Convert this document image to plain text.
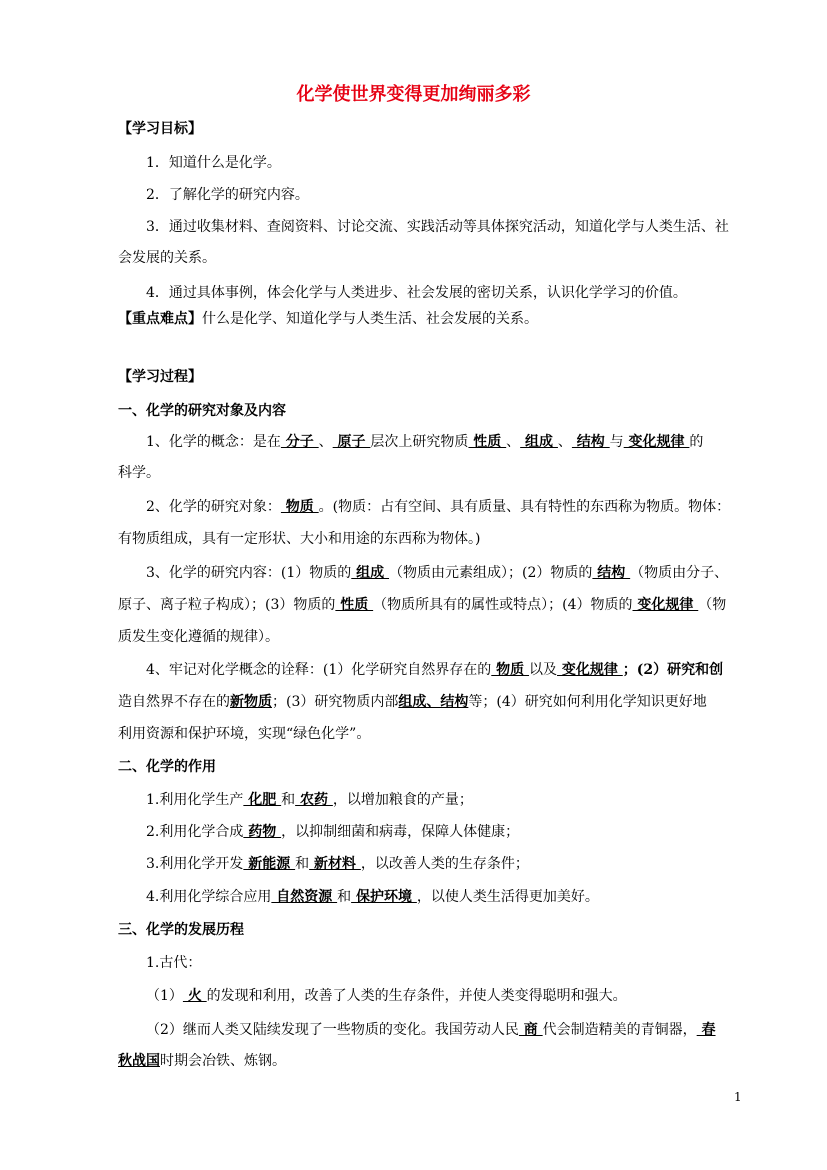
化学使世界变得更加绚丽多彩
【学习目标】
1．知道什么是化学。
2．了解化学的研究内容。
3．通过收集材料、查阅资料、讨论交流、实践活动等具体探究活动，知道化学与人类生活、社
会发展的关系。
4．通过具体事例，体会化学与人类进步、社会发展的密切关系，认识化学学习的价值。
【重点难点】什么是化学、知道化学与人类生活、社会发展的关系。
【学习过程】
一、化学的研究对象及内容
1、化学的概念：是在 分子 、 原子 层次上研究物质 性质 、 组成 、 结构 与 变化规律 的
科学。
2、化学的研究对象： 物质 。(物质：占有空间、具有质量、具有特性的东西称为物质。物体：
有物质组成，具有一定形状、大小和用途的东西称为物体。)
3、化学的研究内容：(1）物质的 组成 （物质由元素组成）；(2）物质的 结构 （物质由分子、
原子、离子粒子构成）；(3）物质的 性质 （物质所具有的属性或特点）；(4）物质的 变化规律 （物
质发生变化遵循的规律）。
4、牢记对化学概念的诠释：(1）化学研究自然界存在的 物质 以及 变化规律 ；(2）研究和创
造自然界不存在的新物质；(3）研究物质内部组成、结构等；(4）研究如何利用化学知识更好地
利用资源和保护环境，实现“绿色化学”。
二、化学的作用
1.利用化学生产 化肥 和 农药 ，以增加粮食的产量；
2.利用化学合成 药物 ，以抑制细菌和病毒，保障人体健康；
3.利用化学开发 新能源 和 新材料 ，以改善人类的生存条件；
4.利用化学综合应用 自然资源 和 保护环境 ，以使人类生活得更加美好。
三、化学的发展历程
1.古代：
（1） 火 的发现和利用，改善了人类的生存条件，并使人类变得聪明和强大。
（2）继而人类又陆续发现了一些物质的变化。我国劳动人民 商 代会制造精美的青铜器， 春
秋战国时期会冶铁、炼钢。
1
